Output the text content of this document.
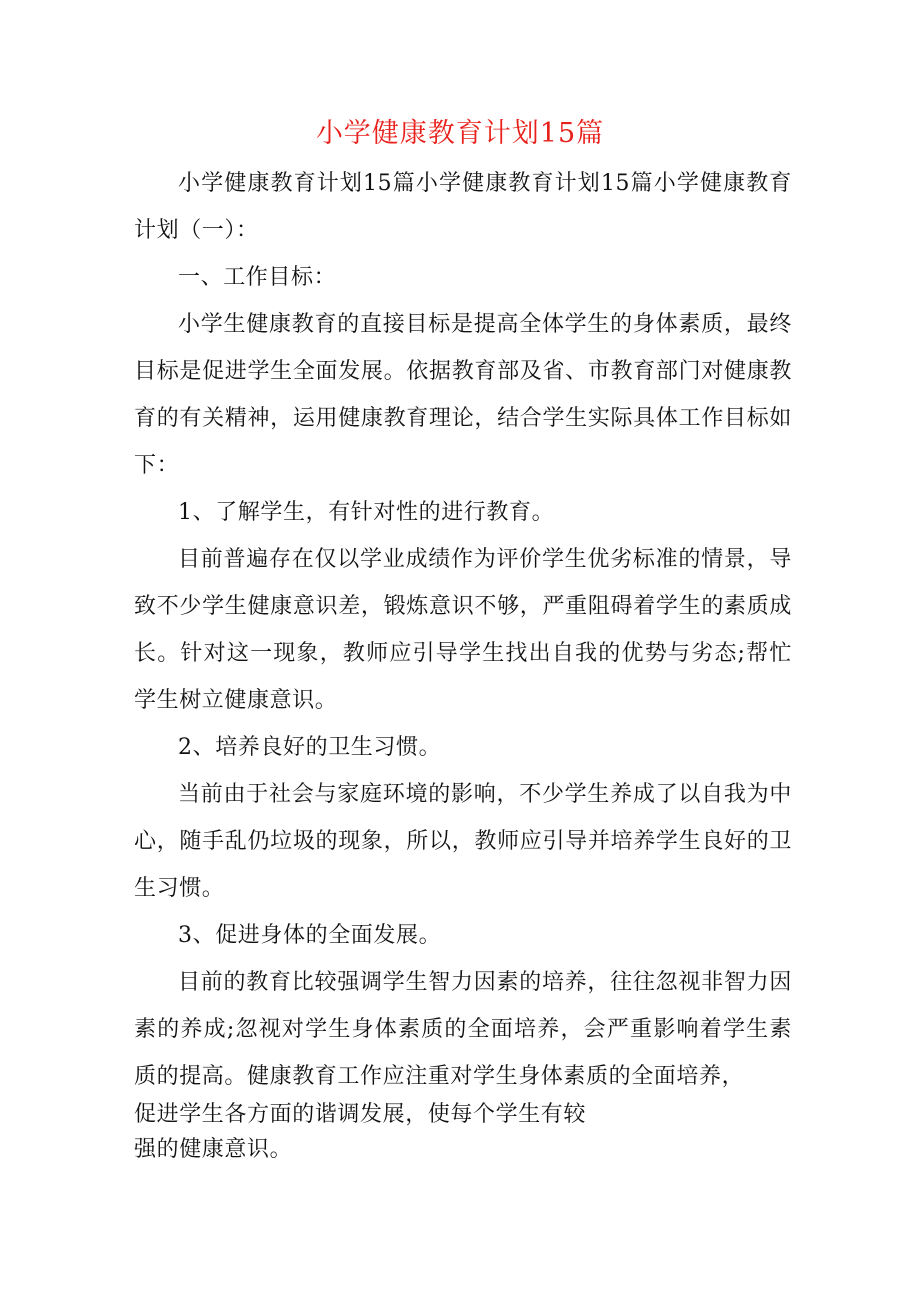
小学健康教育计划15篇

小学健康教育计划15篇小学健康教育计划15篇小学健康教育计划（一）：

一、工作目标：

小学生健康教育的直接目标是提高全体学生的身体素质，最终目标是促进学生全面发展。依据教育部及省、市教育部门对健康教育的有关精神，运用健康教育理论，结合学生实际具体工作目标如下：

1、了解学生，有针对性的进行教育。

目前普遍存在仅以学业成绩作为评价学生优劣标准的情景，导致不少学生健康意识差，锻炼意识不够，严重阻碍着学生的素质成长。针对这一现象，教师应引导学生找出自我的优势与劣态;帮忙学生树立健康意识。

2、培养良好的卫生习惯。

当前由于社会与家庭环境的影响，不少学生养成了以自我为中心，随手乱仍垃圾的现象，所以，教师应引导并培养学生良好的卫生习惯。

3、促进身体的全面发展。

目前的教育比较强调学生智力因素的培养，往往忽视非智力因素的养成;忽视对学生身体素质的全面培养，会严重影响着学生素质的提高。健康教育工作应注重对学生身体素质的全面培养，

促进学生各方面的谐调发展，使每个学生有较
强的健康意识。
